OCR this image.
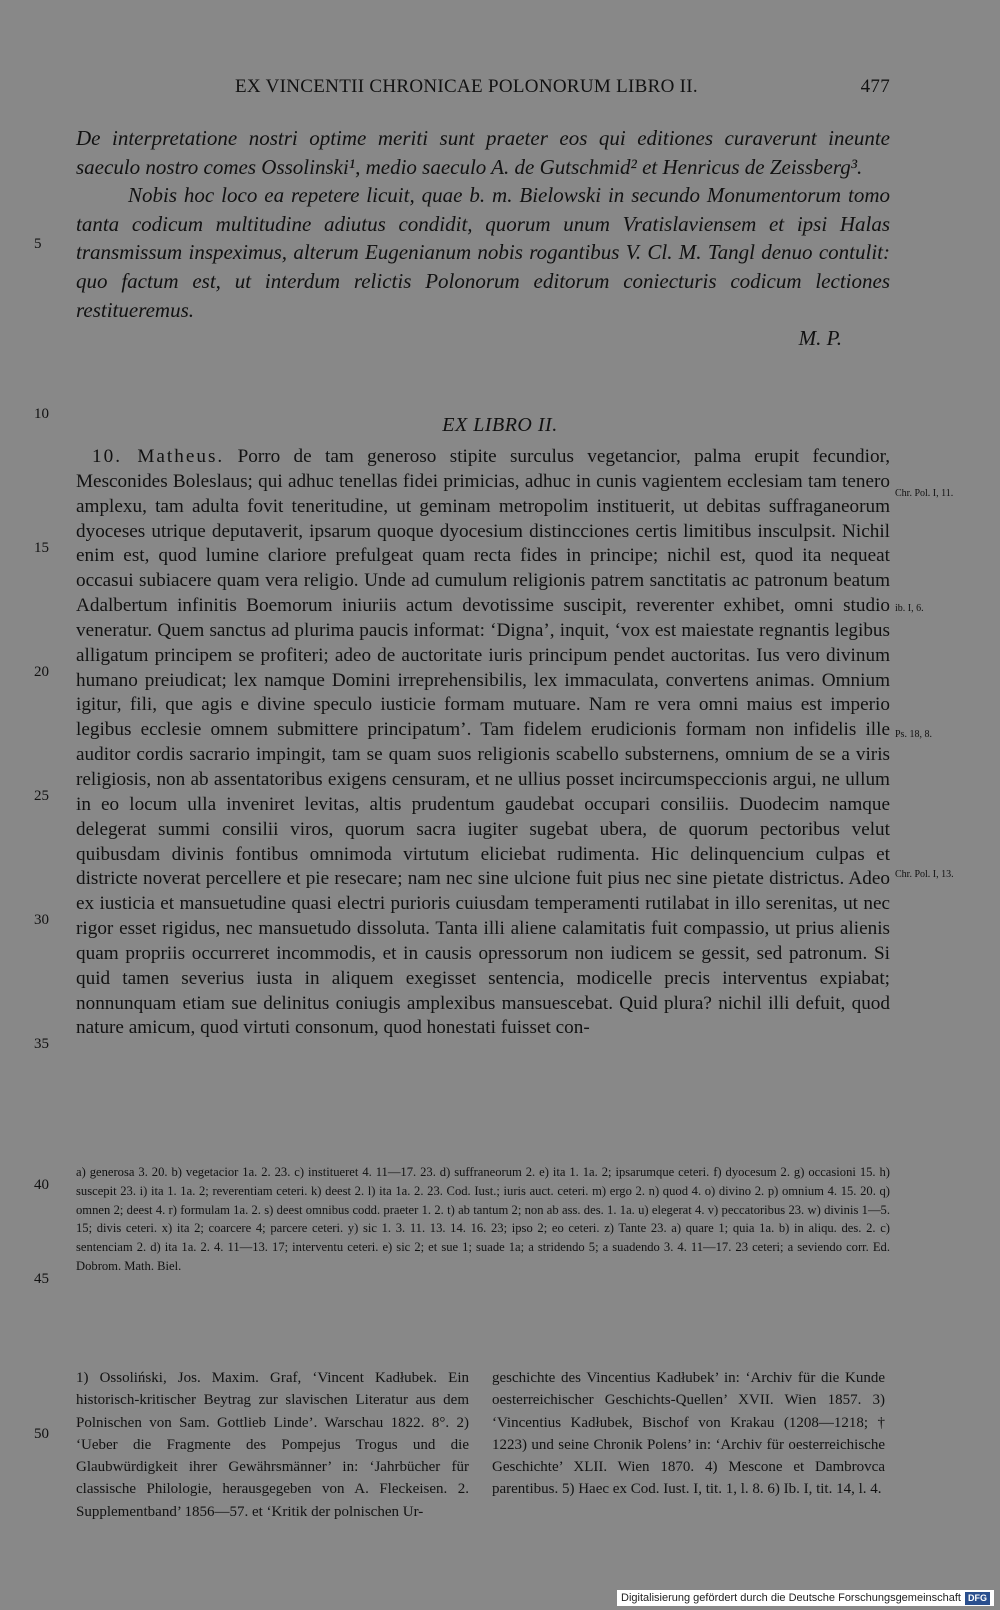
EX VINCENTII CHRONICAE POLONORUM LIBRO II.	477

De interpretatione nostri optime meriti sunt praeter eos qui editiones curaverunt ineunte saeculo nostro comes Ossolinski¹, medio saeculo A. de Gutschmid² et Henricus de Zeissberg³.

Nobis hoc loco ea repetere licuit, quae b. m. Bielowski in secundo Monumentorum tomo tanta codicum multitudine adiutus condidit, quorum unum Vratislaviensem et ipsi Halas transmissum inspeximus, alterum Eugenianum nobis rogantibus V. Cl. M. Tangl denuo contulit: quo factum est, ut interdum relictis Polonorum editorum coniecturis codicum lectiones restitueremus.

M. P.

5
10
15
20
25
30
35
40
45
50
EX LIBRO II.

10. Matheus. Porro de tam generoso stipite surculus vegetancior, palma erupit fecundior, Mesconides Boleslaus; qui adhuc tenellas fidei primicias, adhuc in cunis vagientem ecclesiam tam tenero amplexu, tam adulta fovit teneritudine, ut geminam metropolim instituerit, ut debitas suffraganeorum dyoceses utrique deputaverit, ipsarum quoque dyocesium distincciones certis limitibus insculpsit. Nichil enim est, quod lumine clariore prefulgeat quam recta fides in principe; nichil est, quod ita nequeat occasui subiacere quam vera religio. Unde ad cumulum religionis patrem sanctitatis ac patronum beatum Adalbertum infinitis Boemorum iniuriis actum devotissime suscipit, reverenter exhibet, omni studio veneratur. Quem sanctus ad plurima paucis informat: ‘Digna’, inquit, ‘vox est maiestate regnantis legibus alligatum principem se profiteri; adeo de auctoritate iuris principum pendet auctoritas. Ius vero divinum humano preiudicat; lex namque Domini irreprehensibilis, lex immaculata, convertens animas. Omnium igitur, fili, que agis e divine speculo iusticie formam mutuare. Nam re vera omni maius est imperio legibus ecclesie omnem submittere principatum’. Tam fidelem erudicionis formam non infidelis ille auditor cordis sacrario impingit, tam se quam suos religionis scabello substernens, omnium de se a viris religiosis, non ab assentatoribus exigens censuram, et ne ullius posset incircumspeccionis argui, ne ullum in eo locum ulla inveniret levitas, altis prudentum gaudebat occupari consiliis. Duodecim namque delegerat summi consilii viros, quorum sacra iugiter sugebat ubera, de quorum pectoribus velut quibusdam divinis fontibus omnimoda virtutum eliciebat rudimenta. Hic delinquencium culpas et districte noverat percellere et pie resecare; nam nec sine ulcione fuit pius nec sine pietate districtus. Adeo ex iusticia et mansuetudine quasi electri purioris cuiusdam temperamenti rutilabat in illo serenitas, ut nec rigor esset rigidus, nec mansuetudo dissoluta. Tanta illi aliene calamitatis fuit compassio, ut prius alienis quam propriis occurreret incommodis, et in causis opressorum non iudicem se gessit, sed patronum. Si quid tamen severius iusta in aliquem exegisset sentencia, modicelle precis interventus expiabat; nonnunquam etiam sue delinitus coniugis amplexibus mansuescebat. Quid plura? nichil illi defuit, quod nature amicum, quod virtuti consonum, quod honestati fuisset con-

Chr. Pol. I, 11.
ib. I, 6.
Ps. 18, 8.
Chr. Pol. I, 13.

a) generosa 3. 20. b) vegetacior 1a. 2. 23. c) institueret 4. 11—17. 23. d) suffraneorum 2. e) ita 1. 1a. 2; ipsarumque ceteri. f) dyocesum 2. g) occasioni 15. h) suscepit 23. i) ita 1. 1a. 2; reverentiam ceteri. k) deest 2. l) ita 1a. 2. 23. Cod. Iust.; iuris auct. ceteri. m) ergo 2. n) quod 4. o) divino 2. p) omnium 4. 15. 20. q) omnen 2; deest 4. r) formulam 1a. 2. s) deest omnibus codd. praeter 1. 2. t) ab tantum 2; non ab ass. des. 1. 1a. u) elegerat 4. v) peccatoribus 23. w) divinis 1—5. 15; divis ceteri. x) ita 2; coarcere 4; parcere ceteri. y) sic 1. 3. 11. 13. 14. 16. 23; ipso 2; eo ceteri. z) Tante 23. a) quare 1; quia 1a. b) in aliqu. des. 2. c) sentenciam 2. d) ita 1a. 2. 4. 11—13. 17; interventu ceteri. e) sic 2; et sue 1; suade 1a; a stridendo 5; a suadendo 3. 4. 11—17. 23 ceteri; a seviendo corr. Ed. Dobrom. Math. Biel.

1) Ossoliński, Jos. Maxim. Graf, ‘Vincent Kadłubek. Ein historisch-kritischer Beytrag zur slavischen Literatur aus dem Polnischen von Sam. Gottlieb Linde’. Warschau 1822. 8°. 2) ‘Ueber die Fragmente des Pompejus Trogus und die Glaubwürdigkeit ihrer Gewährsmänner’ in: ‘Jahrbücher für classische Philologie, herausgegeben von A. Fleckeisen. 2. Supplementband’ 1856—57. et ‘Kritik der polnischen Ur-
geschichte des Vincentius Kadłubek’ in: ‘Archiv für die Kunde oesterreichischer Geschichts-Quellen’ XVII. Wien 1857. 3) ‘Vincentius Kadłubek, Bischof von Krakau (1208—1218; † 1223) und seine Chronik Polens’ in: ‘Archiv für oesterreichische Geschichte’ XLII. Wien 1870. 4) Mescone et Dambrovca parentibus. 5) Haec ex Cod. Iust. I, tit. 1, l. 8. 6) Ib. I, tit. 14, l. 4.
Digitalisierung gefördert durch die Deutsche Forschungsgemeinschaft DFG
